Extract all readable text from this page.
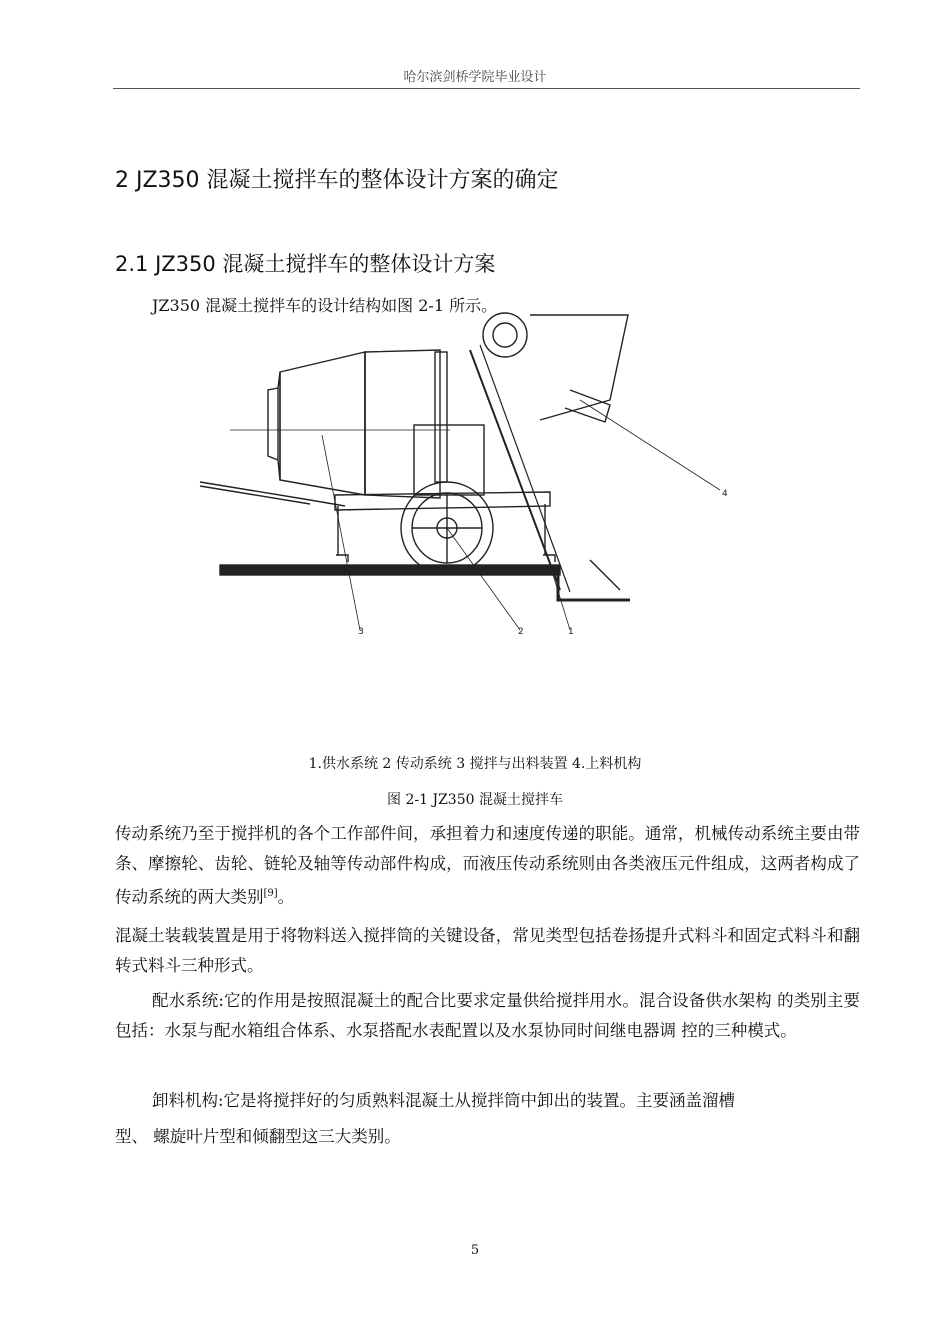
哈尔滨剑桥学院毕业设计
2 JZ350 混凝土搅拌车的整体设计方案的确定
2.1 JZ350 混凝土搅拌车的整体设计方案
JZ350 混凝土搅拌车的设计结构如图 2-1 所示。
3	2	1
4
1.供水系统 2 传动系统 3 搅拌与出料装置 4.上料机构
图 2-1 JZ350 混凝土搅拌车
传动系统乃至于搅拌机的各个工作部件间，承担着力和速度传递的职能。通常，机械传动系统主要由带条、摩擦轮、齿轮、链轮及轴等传动部件构成，而液压传动系统则由各类液压元件组成，这两者构成了传动系统的两大类别[9]。
混凝土装载装置是用于将物料送入搅拌筒的关键设备，常见类型包括卷扬提升式料斗和固定式料斗和翻转式料斗三种形式。
配水系统:它的作用是按照混凝土的配合比要求定量供给搅拌用水。混合设备供水架构 的类别主要包括：水泵与配水箱组合体系、水泵搭配水表配置以及水泵协同时间继电器调 控的三种模式。
卸料机构:它是将搅拌好的匀质熟料混凝土从搅拌筒中卸出的装置。主要涵盖溜槽
型、 螺旋叶片型和倾翻型这三大类别。
5
